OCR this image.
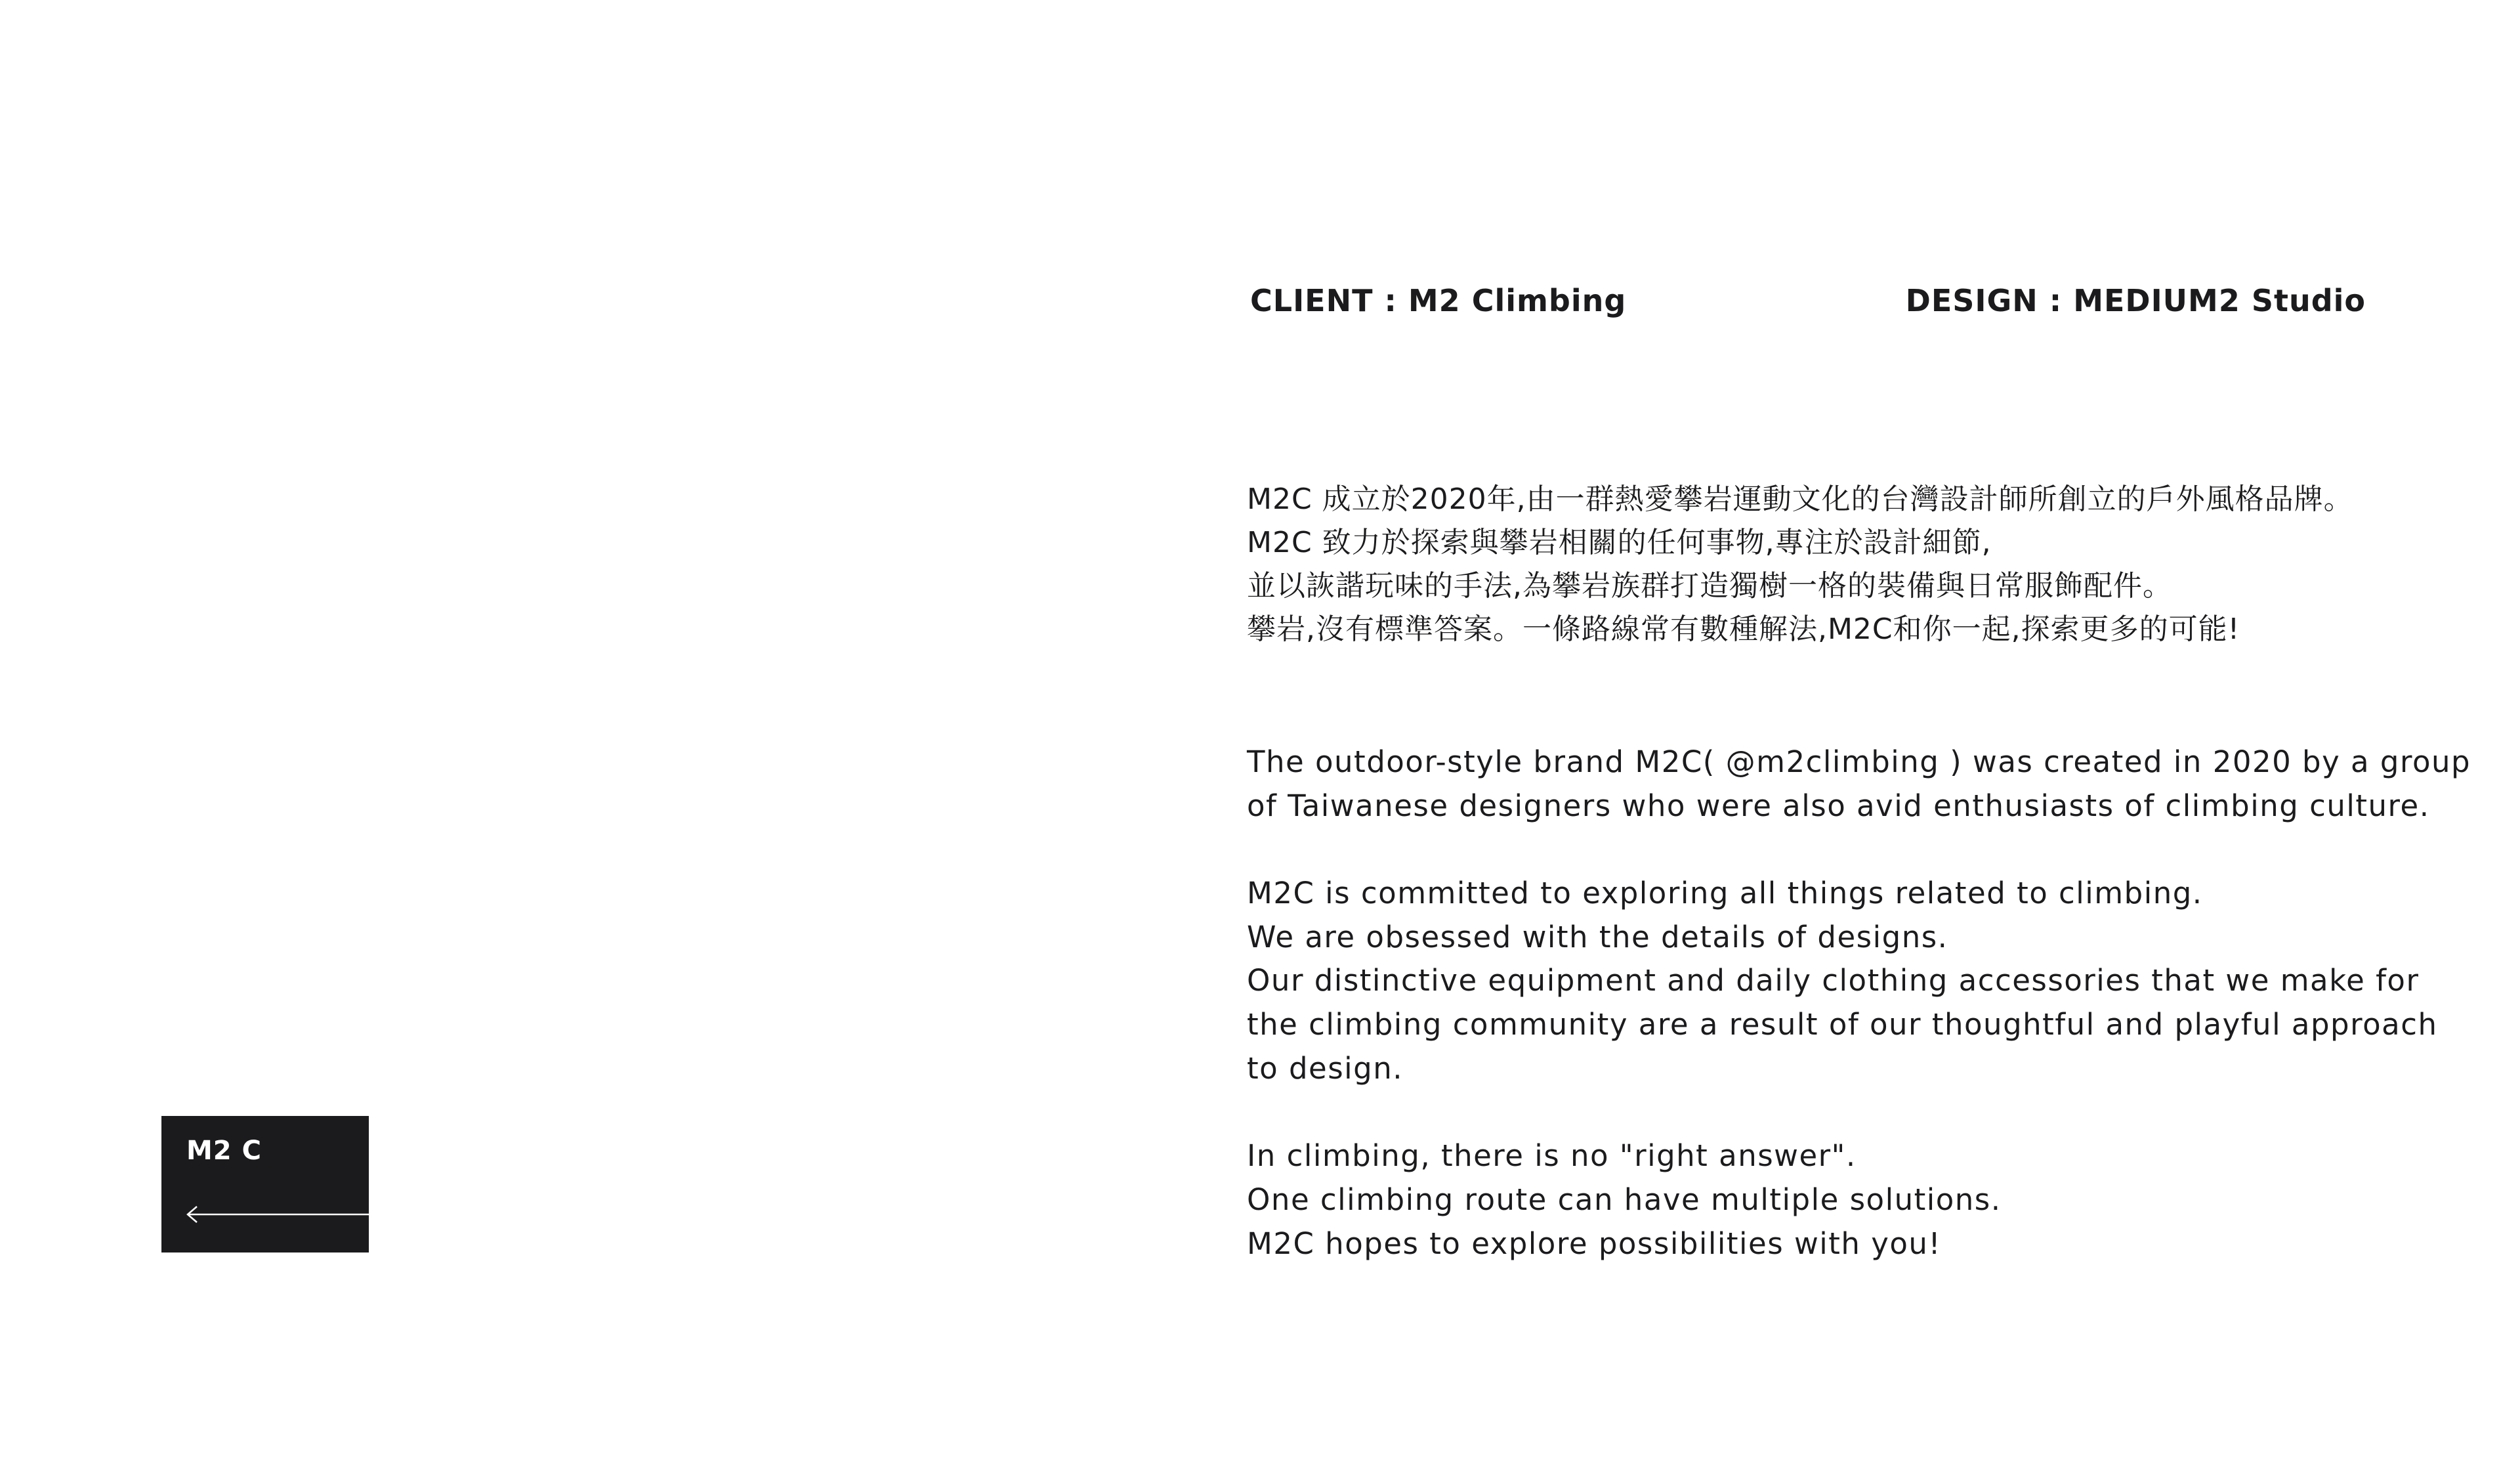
CLIENT : M2 Climbing	DESIGN : MEDIUM2 Studio
M2C 成立於2020年,由一群熱愛攀岩運動文化的台灣設計師所創立的戶外風格品牌。
M2C 致力於探索與攀岩相關的任何事物,專注於設計細節,
並以詼諧玩味的手法,為攀岩族群打造獨樹一格的裝備與日常服飾配件。
攀岩,沒有標準答案。一條路線常有數種解法,M2C和你一起,探索更多的可能!
The outdoor-style brand M2C( @m2climbing ) was created in 2020 by a group
of Taiwanese designers who were also avid enthusiasts of climbing culture.
M2C is committed to exploring all things related to climbing.
We are obsessed with the details of designs.
Our distinctive equipment and daily clothing accessories that we make for
the climbing community are a result of our thoughtful and playful approach
to design.
In climbing, there is no "right answer".
One climbing route can have multiple solutions.
M2C hopes to explore possibilities with you!
M2 C
